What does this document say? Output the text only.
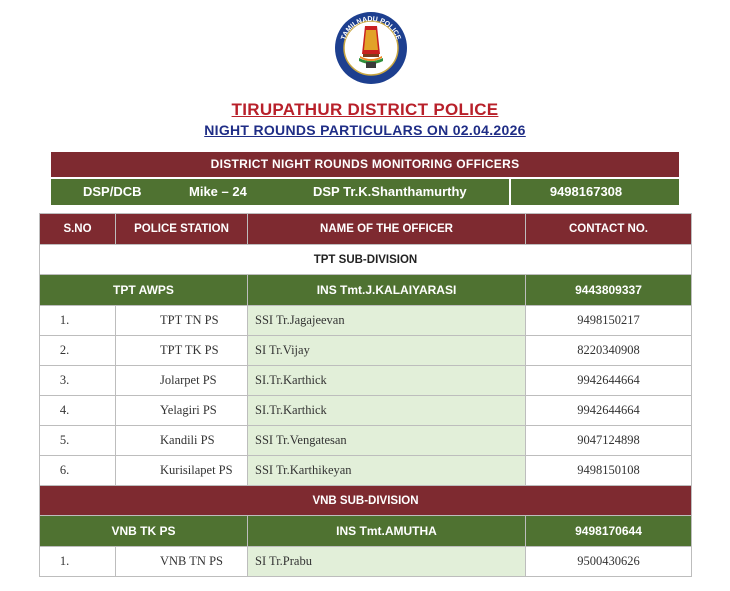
TAMILNADU POLICE
TIRUPATHUR DISTRICT POLICE
NIGHT ROUNDS PARTICULARS ON 02.04.2026
DISTRICT NIGHT ROUNDS MONITORING OFFICERS
DSP/DCB	Mike – 24	DSP Tr.K.Shanthamurthy	9498167308
S.NO	POLICE STATION	NAME OF THE OFFICER	CONTACT NO.
TPT SUB-DIVISION			
TPT AWPS		INS Tmt.J.KALAIYARASI	9443809337
1.	TPT TN PS	SSI Tr.Jagajeevan	9498150217
2.	TPT TK PS	SI Tr.Vijay	8220340908
3.	Jolarpet PS	SI.Tr.Karthick	9942644664
4.	Yelagiri PS	SI.Tr.Karthick	9942644664
5.	Kandili PS	SSI Tr.Vengatesan	9047124898
6.	Kurisilapet PS	SSI Tr.Karthikeyan	9498150108
VNB SUB-DIVISION			
VNB TK PS		INS Tmt.AMUTHA	9498170644
1.	VNB TN PS	SI Tr.Prabu	9500430626
